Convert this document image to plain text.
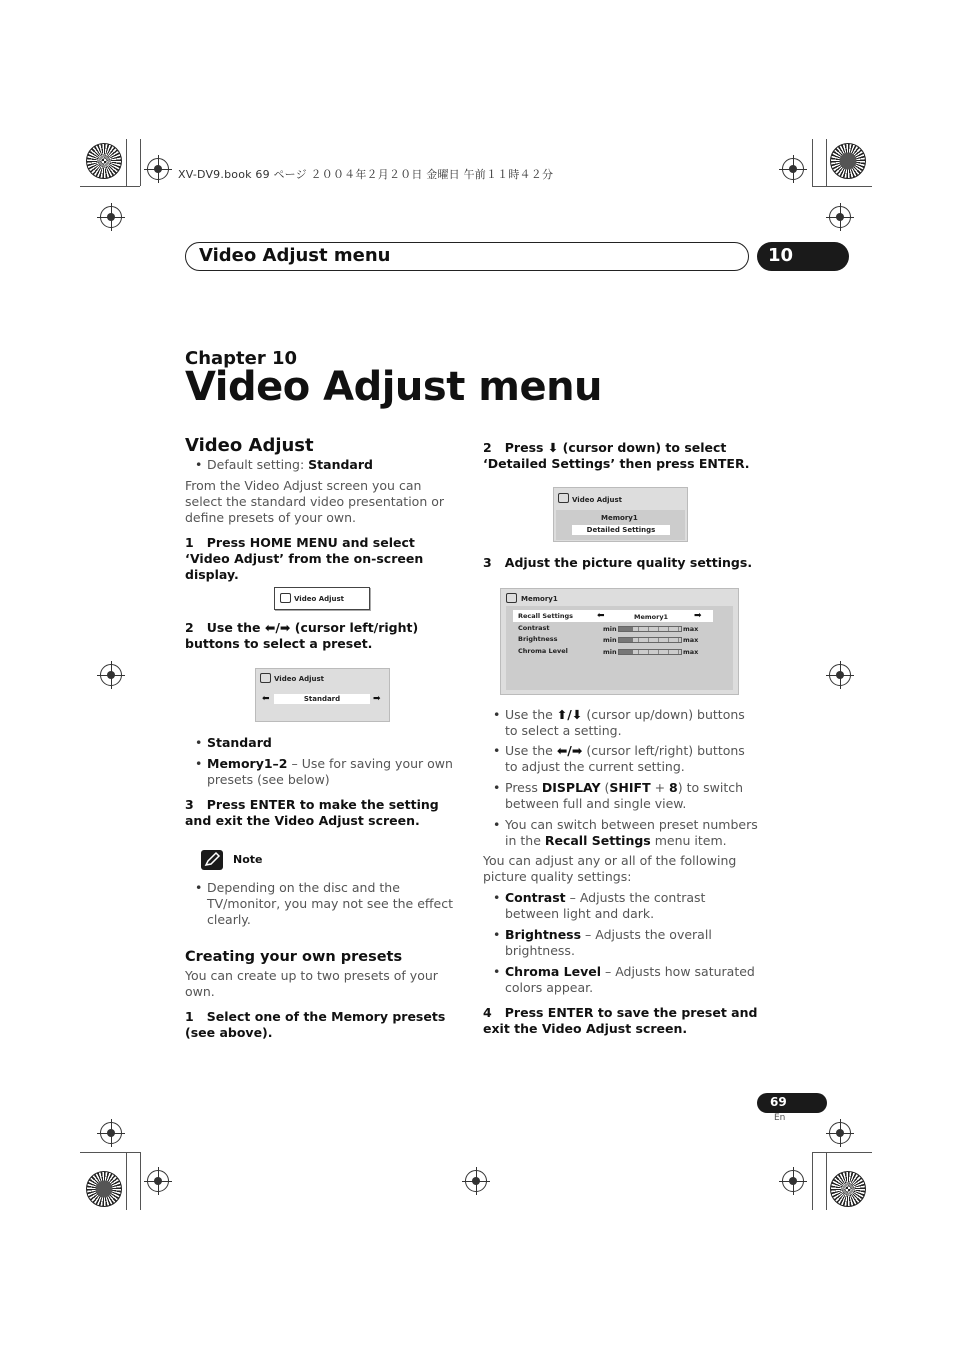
XV-DV9.book 69 ページ ２００４年２月２０日 金曜日 午前１１時４２分
Video Adjust menu	10
Chapter 10
Video Adjust menu
Video Adjust
• Default setting: Standard

From the Video Adjust screen you can select the standard video presentation or define presets of your own.

1 Press HOME MENU and select ‘Video Adjust’ from the on-screen display.

Video Adjust

2 Use the ⬅/➡ (cursor left/right) buttons to select a preset.

Video Adjust
⬅	Standard	➡
• Standard
• Memory1–2 – Use for saving your own presets (see below)

3 Press ENTER to make the setting and exit the Video Adjust screen.

Note
• Depending on the disc and the TV/monitor, you may not see the effect clearly.
Creating your own presets

You can create up to two presets of your own.

1 Select one of the Memory presets (see above).

2 Press ⬇ (cursor down) to select ‘Detailed Settings’ then press ENTER.

Video Adjust
Memory1
Detailed Settings

3 Adjust the picture quality settings.

Memory1
Recall Settings	⬅	Memory1	➡
Contrast	min	max
Brightness	min	max
Chroma Level	min	max
• Use the ⬆/⬇ (cursor up/down) buttons to select a setting.
• Use the ⬅/➡ (cursor left/right) buttons to adjust the current setting.
• Press DISPLAY (SHIFT + 8) to switch between full and single view.
• You can switch between preset numbers in the Recall Settings menu item.

You can adjust any or all of the following picture quality settings:

• Contrast – Adjusts the contrast between light and dark.
• Brightness – Adjusts the overall brightness.
• Chroma Level – Adjusts how saturated colors appear.

4 Press ENTER to save the preset and exit the Video Adjust screen.

69
En
